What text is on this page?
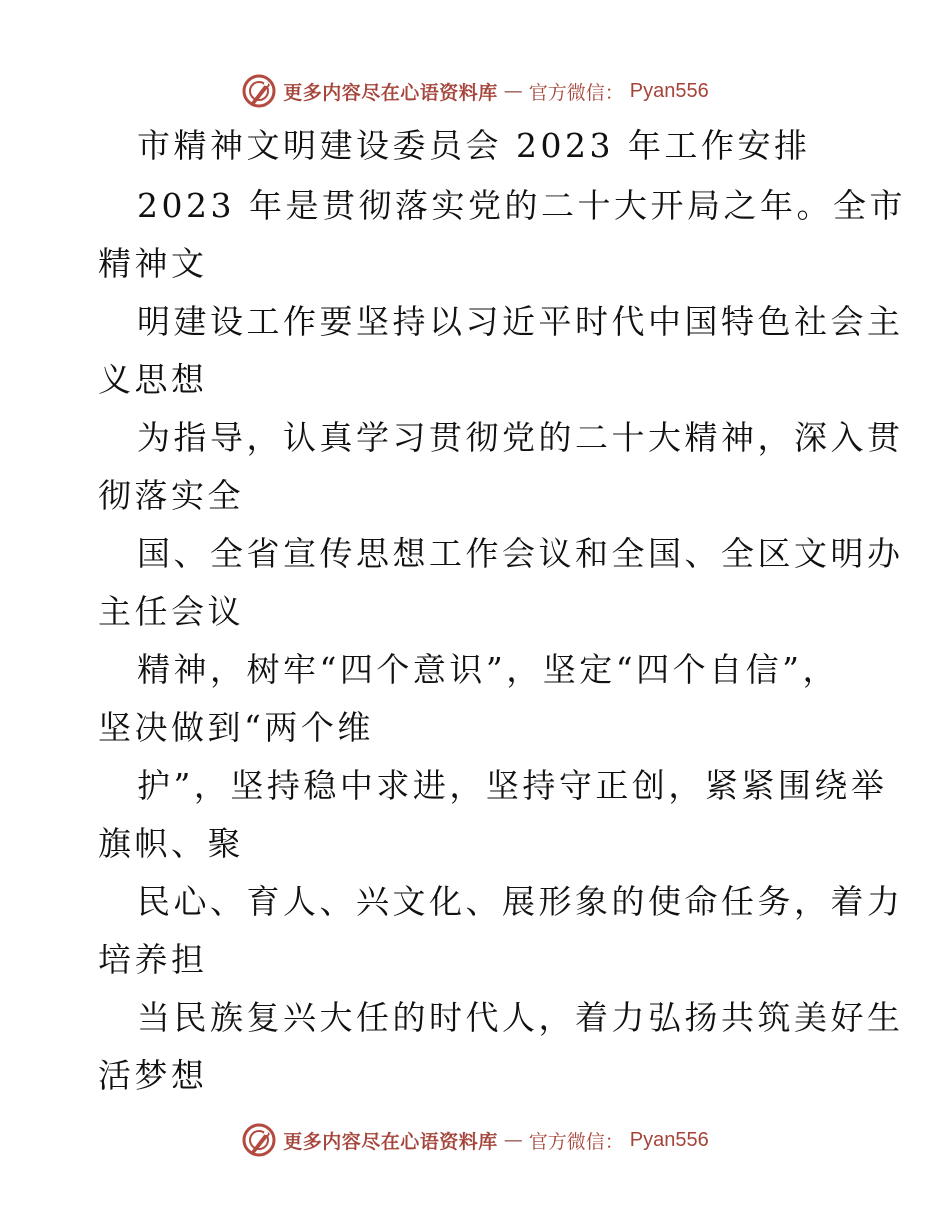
更多内容尽在心语资料库 — 官方微信： Pyan556
市精神文明建设委员会 2023 年工作安排
2023 年是贯彻落实党的二十大开局之年。全市
精神文
明建设工作要坚持以习近平时代中国特色社会主
义思想
为指导，认真学习贯彻党的二十大精神，深入贯
彻落实全
国、全省宣传思想工作会议和全国、全区文明办
主任会议
精神，树牢“四个意识”，坚定“四个自信”，
坚决做到“两个维
护”，坚持稳中求进，坚持守正创，紧紧围绕举
旗帜、聚
民心、育人、兴文化、展形象的使命任务，着力
培养担
当民族复兴大任的时代人，着力弘扬共筑美好生
活梦想
更多内容尽在心语资料库 — 官方微信： Pyan556
